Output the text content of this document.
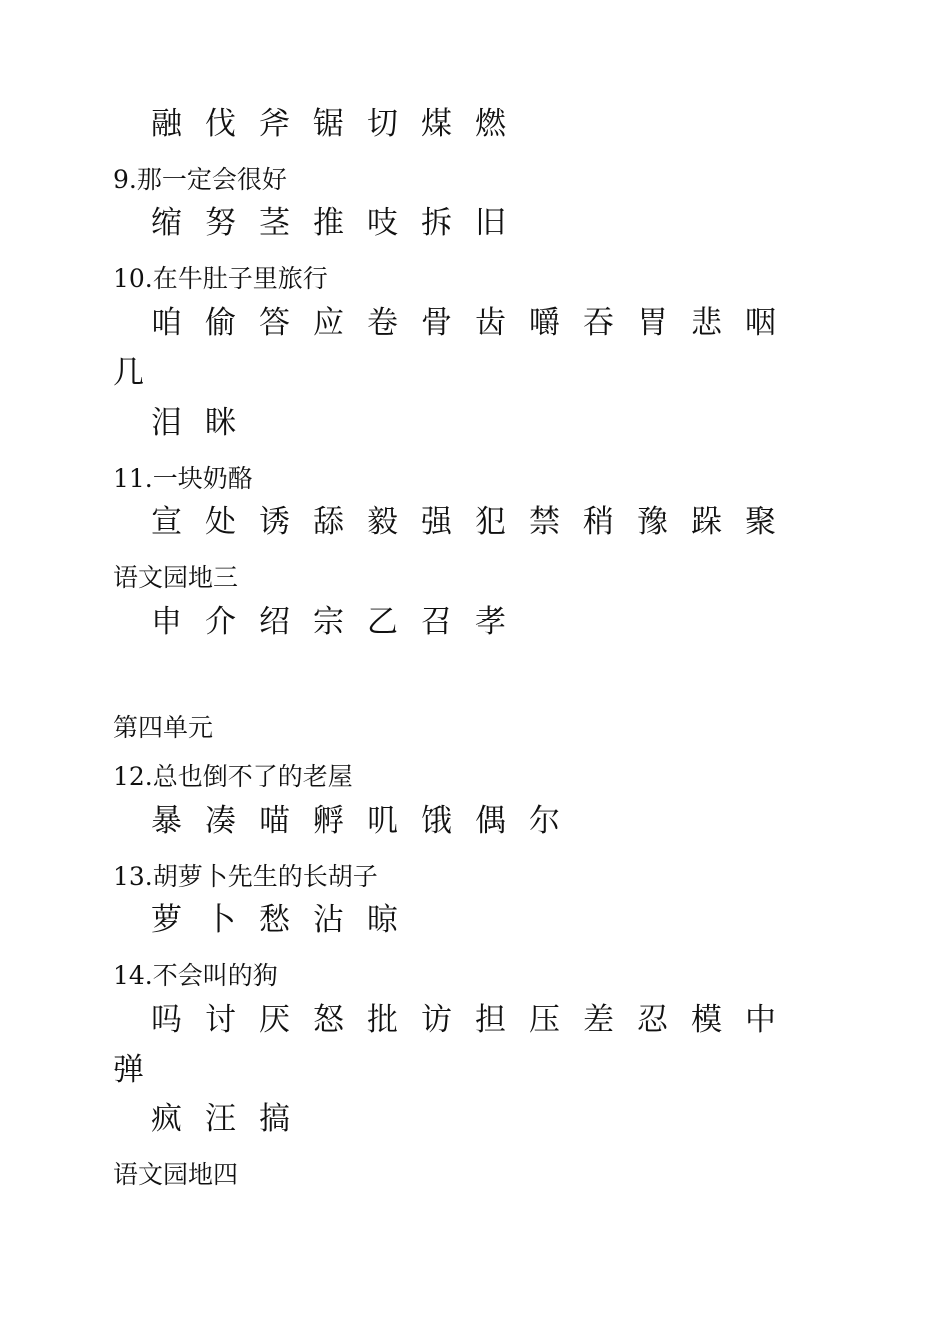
融伐斧锯切煤燃
9.那一定会很好
缩努茎推吱拆旧
10.在牛肚子里旅行
咱偷答应卷骨齿嚼吞胃悲咽
几
泪眯
11.一块奶酪
宣处诱舔毅强犯禁稍豫跺聚
语文园地三
申介绍宗乙召孝
第四单元
12.总也倒不了的老屋
暴凑喵孵叽饿偶尔
13.胡萝卜先生的长胡子
萝卜愁沾晾
14.不会叫的狗
吗讨厌怒批访担压差忍模中
弹
疯汪搞
语文园地四
